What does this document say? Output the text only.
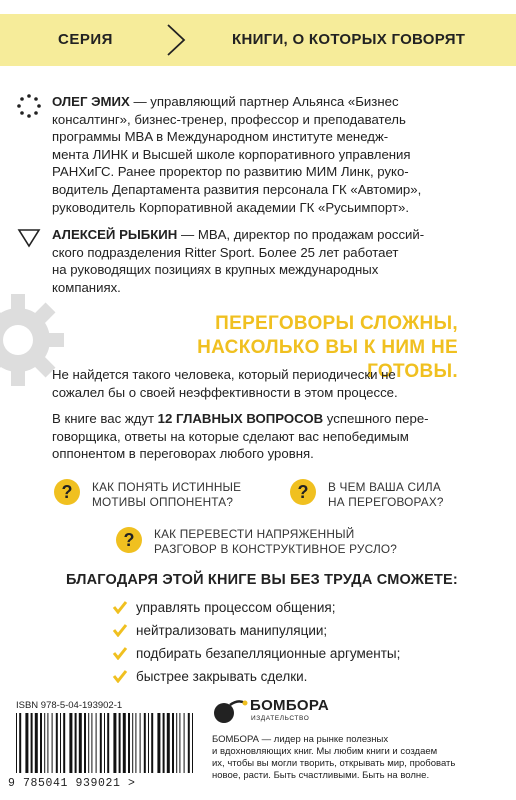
СЕРИЯ	КНИГИ, О КОТОРЫХ ГОВОРЯТ
ОЛЕГ ЭМИХ — управляющий партнер Альянса «Бизнес
консалтинг», бизнес-тренер, профессор и преподаватель
программы MBA в Международном институте менедж-
мента ЛИНК и Высшей школе корпоративного управления
РАНХиГС. Ранее проректор по развитию МИМ Линк, руко-
водитель Департамента развития персонала ГК «Автомир»,
руководитель Корпоративной академии ГК «Русьимпорт».
АЛЕКСЕЙ РЫБКИН — MBA, директор по продажам россий-
ского подразделения Ritter Sport. Более 25 лет работает
на руководящих позициях в крупных международных
компаниях.
ПЕРЕГОВОРЫ СЛОЖНЫ,
НАСКОЛЬКО ВЫ К НИМ НЕ ГОТОВЫ.
Не найдется такого человека, который периодически не
сожалел бы о своей неэффективности в этом процессе.
В книге вас ждут 12 ГЛАВНЫХ ВОПРОСОВ успешного пере-
говорщика, ответы на которые сделают вас непобедимым
оппонентом в переговорах любого уровня.
? КАК ПОНЯТЬ ИСТИННЫЕ
МОТИВЫ ОППОНЕНТА?	? В ЧЕМ ВАША СИЛА
НА ПЕРЕГОВОРАХ?
? КАК ПЕРЕВЕСТИ НАПРЯЖЕННЫЙ
РАЗГОВОР В КОНСТРУКТИВНОЕ РУСЛО?
БЛАГОДАРЯ ЭТОЙ КНИГЕ ВЫ БЕЗ ТРУДА СМОЖЕТЕ:
управлять процессом общения;
нейтрализовать манипуляции;
подбирать безапелляционные аргументы;
быстрее закрывать сделки.
ISBN 978-5-04-193902-1
9 785041 939021 >
БОМБОРА
ИЗДАТЕЛЬСТВО
БОМБОРА — лидер на рынке полезных
и вдохновляющих книг. Мы любим книги и создаем
их, чтобы вы могли творить, открывать мир, пробовать
новое, расти. Быть счастливыми. Быть на волне.
